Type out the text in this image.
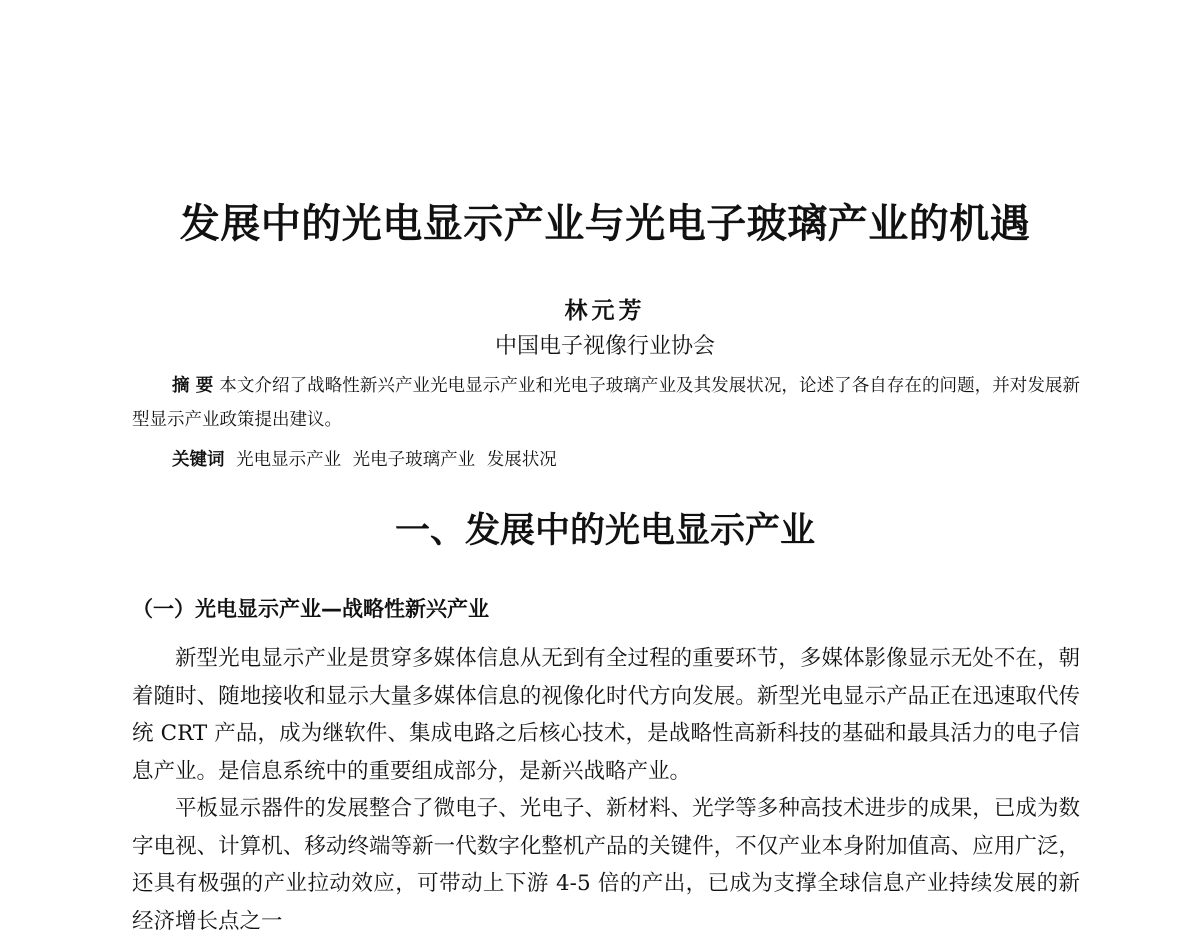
发展中的光电显示产业与光电子玻璃产业的机遇
林元芳
中国电子视像行业协会
摘 要 本文介绍了战略性新兴产业光电显示产业和光电子玻璃产业及其发展状况，论述了各自存在的问题，并对发展新型显示产业政策提出建议。
关键词 光电显示产业 光电子玻璃产业 发展状况
一、发展中的光电显示产业
（一）光电显示产业—战略性新兴产业

新型光电显示产业是贯穿多媒体信息从无到有全过程的重要环节，多媒体影像显示无处不在，朝着随时、随地接收和显示大量多媒体信息的视像化时代方向发展。新型光电显示产品正在迅速取代传统 CRT 产品，成为继软件、集成电路之后核心技术，是战略性高新科技的基础和最具活力的电子信息产业。是信息系统中的重要组成部分，是新兴战略产业。

平板显示器件的发展整合了微电子、光电子、新材料、光学等多种高技术进步的成果，已成为数字电视、计算机、移动终端等新一代数字化整机产品的关键件，不仅产业本身附加值高、应用广泛，还具有极强的产业拉动效应，可带动上下游 4-5 倍的产出，已成为支撑全球信息产业持续发展的新经济增长点之一
